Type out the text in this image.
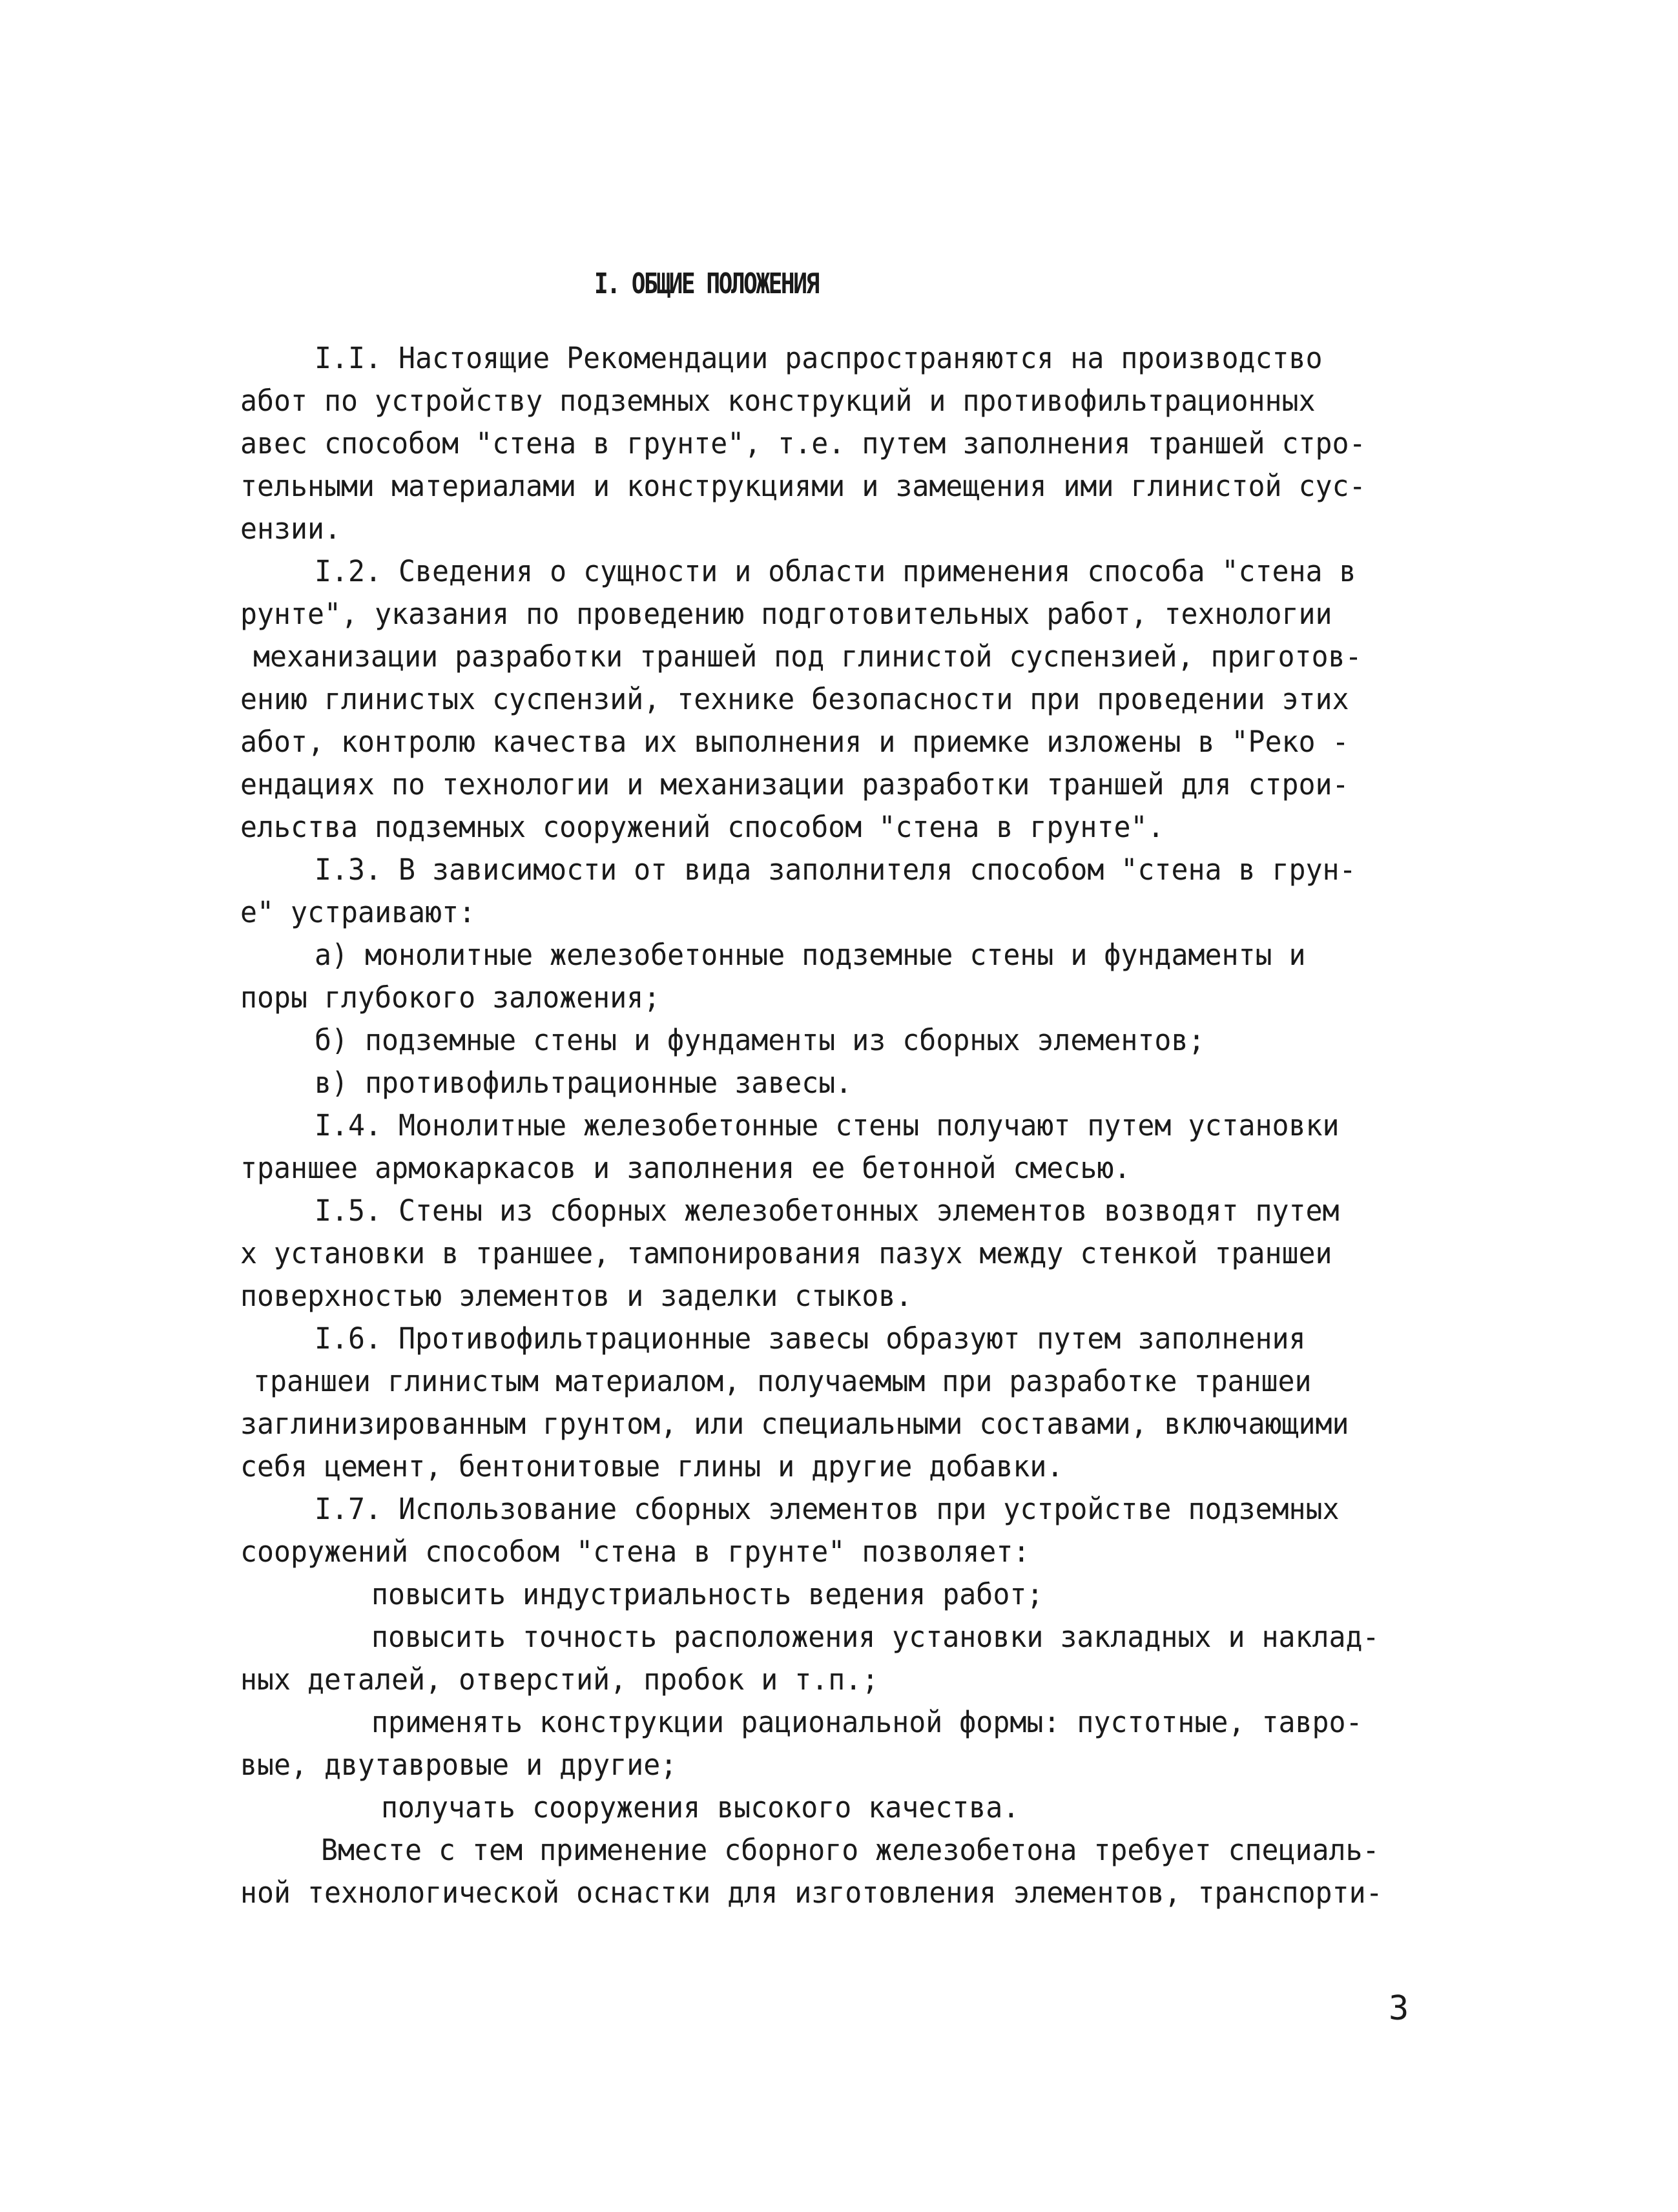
I. ОБЩИЕ ПОЛОЖЕНИЯ
I.I. Настоящие Рекомендации распространяются на производство
абот по устройству подземных конструкций и противофильтрационных
авес способом "стена в грунте", т.е. путем заполнения траншей стро-
тельными материалами и конструкциями и замещения ими глинистой сус-
ензии.
I.2. Сведения о сущности и области применения способа "стена в
рунте", указания по проведению подготовительных работ, технологии
механизации разработки траншей под глинистой суспензией, приготов-
ению глинистых суспензий, технике безопасности при проведении этих
абот, контролю качества их выполнения и приемке изложены в "Реко -
ендациях по технологии и механизации разработки траншей для строи-
ельства подземных сооружений способом "стена в грунте".
I.3. В зависимости от вида заполнителя способом "стена в грун-
е" устраивают:
а) монолитные железобетонные подземные стены и фундаменты и
поры глубокого заложения;
б) подземные стены и фундаменты из сборных элементов;
в) противофильтрационные завесы.
I.4. Монолитные железобетонные стены получают путем установки
траншее армокаркасов и заполнения ее бетонной смесью.
I.5. Стены из сборных железобетонных элементов возводят путем
х установки в траншее, тампонирования пазух между стенкой траншеи
поверхностью элементов и заделки стыков.
I.6. Противофильтрационные завесы образуют путем заполнения
траншеи глинистым материалом, получаемым при разработке траншеи
заглинизированным грунтом, или специальными составами, включающими
себя цемент, бентонитовые глины и другие добавки.
I.7. Использование сборных элементов при устройстве подземных
сооружений способом "стена в грунте" позволяет:
повысить индустриальность ведения работ;
повысить точность расположения установки закладных и наклад-
ных деталей, отверстий, пробок и т.п.;
применять конструкции рациональной формы: пустотные, тавро-
вые, двутавровые и другие;
получать сооружения высокого качества.
Вместе с тем применение сборного железобетона требует специаль-
ной технологической оснастки для изготовления элементов, транспорти-
3
